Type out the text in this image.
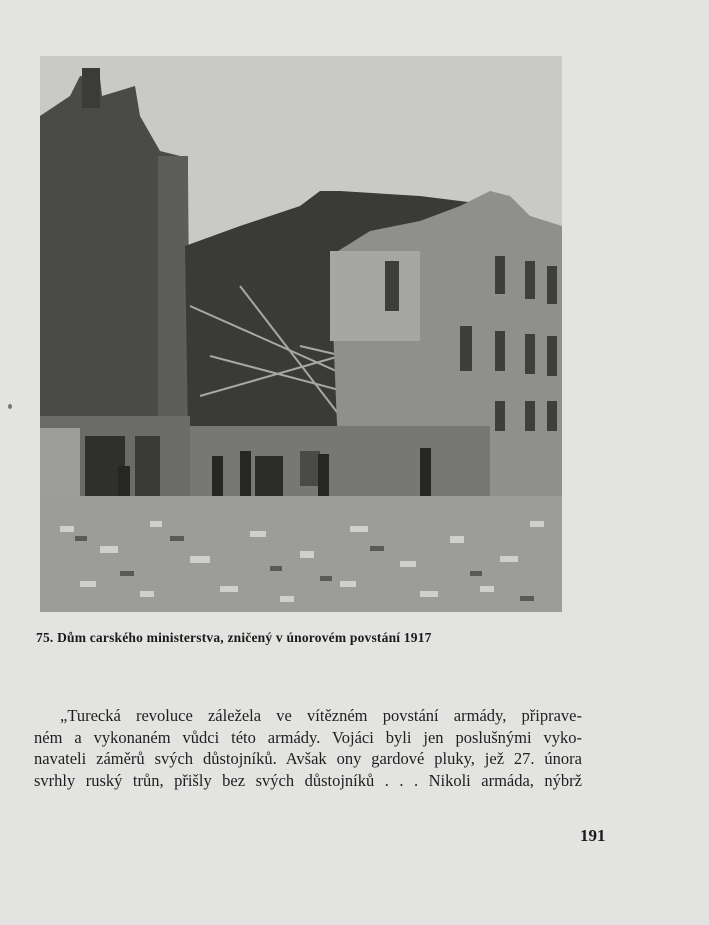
75. Dům carského ministerstva, zničený v únorovém povstání 1917
„Turecká revoluce záležela ve vítězném povstání armády, připrave-
ném a vykonaném vůdci této armády. Vojáci byli jen poslušnými vyko-
navateli záměrů svých důstojníků. Avšak ony gardové pluky, jež 27. února
svrhly ruský trůn, přišly bez svých důstojníků . . . Nikoli armáda, nýbrž
191
